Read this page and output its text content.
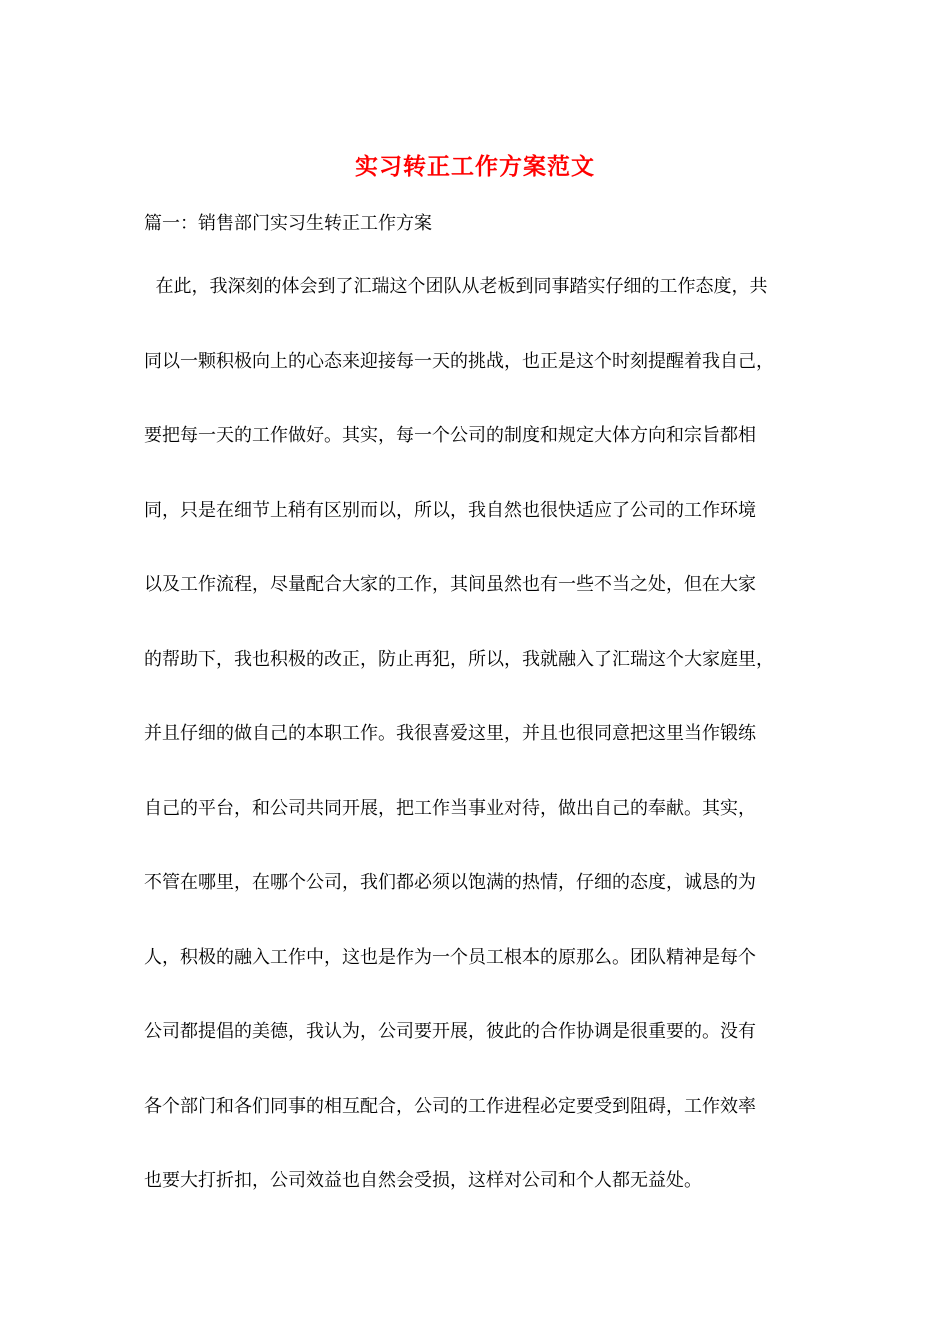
实习转正工作方案范文
篇一：销售部门实习生转正工作方案
在此，我深刻的体会到了汇瑞这个团队从老板到同事踏实仔细的工作态度，共
同以一颗积极向上的心态来迎接每一天的挑战，也正是这个时刻提醒着我自己，
要把每一天的工作做好。其实，每一个公司的制度和规定大体方向和宗旨都相
同，只是在细节上稍有区别而以，所以，我自然也很快适应了公司的工作环境
以及工作流程，尽量配合大家的工作，其间虽然也有一些不当之处，但在大家
的帮助下，我也积极的改正，防止再犯，所以，我就融入了汇瑞这个大家庭里，
并且仔细的做自己的本职工作。我很喜爱这里，并且也很同意把这里当作锻练
自己的平台，和公司共同开展，把工作当事业对待，做出自己的奉献。其实，
不管在哪里，在哪个公司，我们都必须以饱满的热情，仔细的态度，诚恳的为
人，积极的融入工作中，这也是作为一个员工根本的原那么。团队精神是每个
公司都提倡的美德，我认为，公司要开展，彼此的合作协调是很重要的。没有
各个部门和各们同事的相互配合，公司的工作进程必定要受到阻碍，工作效率
也要大打折扣，公司效益也自然会受损，这样对公司和个人都无益处。
